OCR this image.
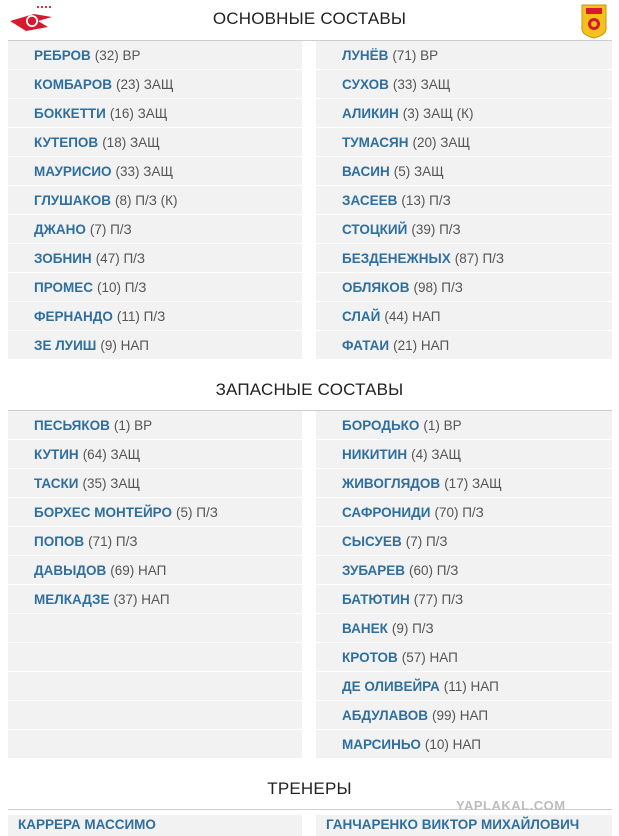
ОСНОВНЫЕ СОСТАВЫ
РЕБРОВ (32) ВР
КОМБАРОВ (23) ЗАЩ
БОККЕТТИ (16) ЗАЩ
КУТЕПОВ (18) ЗАЩ
МАУРИСИО (33) ЗАЩ
ГЛУШАКОВ (8) П/З (К)
ДЖАНО (7) П/З
ЗОБНИН (47) П/З
ПРОМЕС (10) П/З
ФЕРНАНДО (11) П/З
ЗЕ ЛУИШ (9) НАП
ЛУНЁВ (71) ВР
СУХОВ (33) ЗАЩ
АЛИКИН (3) ЗАЩ (К)
ТУМАСЯН (20) ЗАЩ
ВАСИН (5) ЗАЩ
ЗАСЕЕВ (13) П/З
СТОЦКИЙ (39) П/З
БЕЗДЕНЕЖНЫХ (87) П/З
ОБЛЯКОВ (98) П/З
СЛАЙ (44) НАП
ФАТАИ (21) НАП
ЗАПАСНЫЕ СОСТАВЫ
ПЕСЬЯКОВ (1) ВР
КУТИН (64) ЗАЩ
ТАСКИ (35) ЗАЩ
БОРХЕС МОНТЕЙРО (5) П/З
ПОПОВ (71) П/З
ДАВЫДОВ (69) НАП
МЕЛКАДЗЕ (37) НАП
БОРОДЬКО (1) ВР
НИКИТИН (4) ЗАЩ
ЖИВОГЛЯДОВ (17) ЗАЩ
САФРОНИДИ (70) П/З
СЫСУЕВ (7) П/З
ЗУБАРЕВ (60) П/З
БАТЮТИН (77) П/З
ВАНЕК (9) П/З
КРОТОВ (57) НАП
ДЕ ОЛИВЕЙРА (11) НАП
АБДУЛАВОВ (99) НАП
МАРСИНЬО (10) НАП
ТРЕНЕРЫ
YAPLAKAL.COM
КАРРЕРА МАССИМО	ГАНЧАРЕНКО ВИКТОР МИХАЙЛОВИЧ
